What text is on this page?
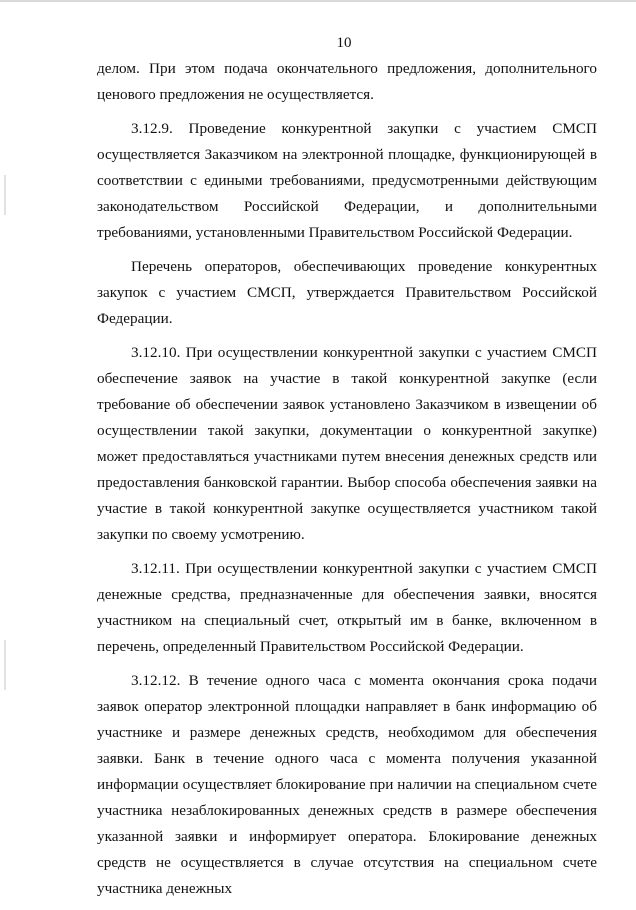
10

делом. При этом подача окончательного предложения, дополнительного ценового предложения не осуществляется.

3.12.9. Проведение конкурентной закупки с участием СМСП осуществляется Заказчиком на электронной площадке, функционирующей в соответствии с едиными требованиями, предусмотренными действующим законодательством Российской Федерации, и дополнительными требованиями, установленными Правительством Российской Федерации.

Перечень операторов, обеспечивающих проведение конкурентных закупок с участием СМСП, утверждается Правительством Российской Федерации.

3.12.10. При осуществлении конкурентной закупки с участием СМСП обеспечение заявок на участие в такой конкурентной закупке (если требование об обеспечении заявок установлено Заказчиком в извещении об осуществлении такой закупки, документации о конкурентной закупке) может предоставляться участниками путем внесения денежных средств или предоставления банковской гарантии. Выбор способа обеспечения заявки на участие в такой конкурентной закупке осуществляется участником такой закупки по своему усмотрению.

3.12.11. При осуществлении конкурентной закупки с участием СМСП денежные средства, предназначенные для обеспечения заявки, вносятся участником на специальный счет, открытый им в банке, включенном в перечень, определенный Правительством Российской Федерации.

3.12.12. В течение одного часа с момента окончания срока подачи заявок оператор электронной площадки направляет в банк информацию об участнике и размере денежных средств, необходимом для обеспечения заявки. Банк в течение одного часа с момента получения указанной информации осуществляет блокирование при наличии на специальном счете участника незаблокированных денежных средств в размере обеспечения указанной заявки и информирует оператора. Блокирование денежных средств не осуществляется в случае отсутствия на специальном счете участника денежных
